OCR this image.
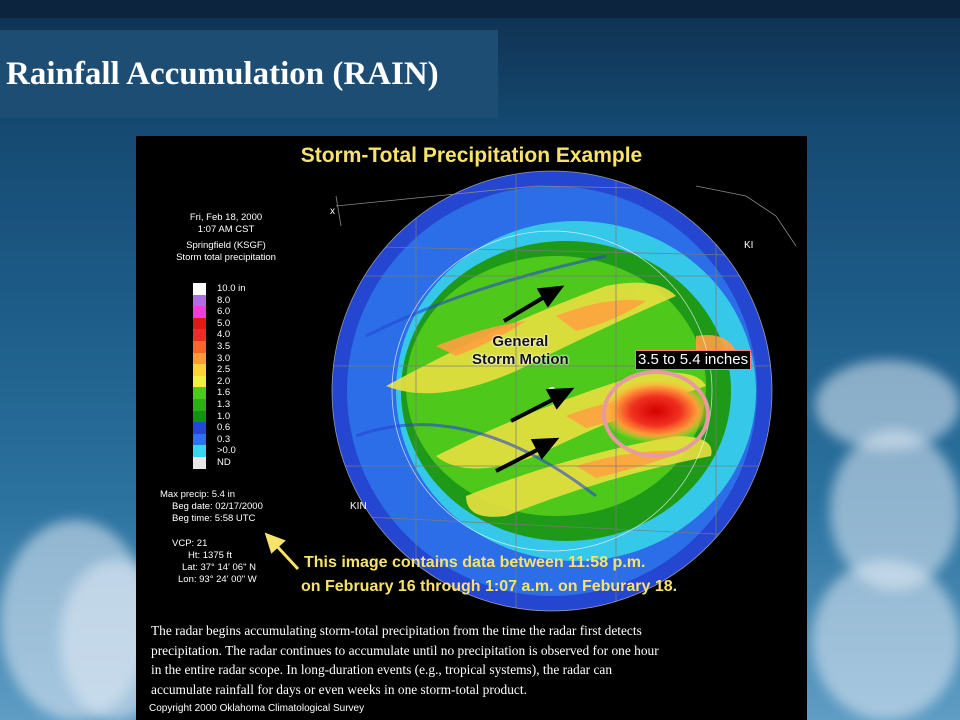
Rainfall Accumulation (RAIN)

Storm-Total Precipitation Example

Fri, Feb 18, 2000
1:07 AM CST
Springfield (KSGF)
Storm total precipitation
10.0 in
8.0
6.0
5.0
4.0
3.5
3.0
2.5
2.0
1.6
1.3
1.0
0.6
0.3
>0.0
ND
Max precip: 5.4 in
Beg date: 02/17/2000
Beg time: 5:58 UTC
VCP: 21
Ht: 1375 ft
Lat: 37° 14' 06" N
Lon: 93° 24' 00" W
x
KI
KIN
General
Storm Motion	3.5 to 5.4 inches
This image contains data between 11:58 p.m.
on February 16 through 1:07 a.m. on Feburary 18.

The radar begins accumulating storm-total precipitation from the time the radar first detects
precipitation. The radar continues to accumulate until no precipitation is observed for one hour
in the entire radar scope. In long-duration events (e.g., tropical systems), the radar can
accumulate rainfall for days or even weeks in one storm-total product.

Copyright 2000 Oklahoma Climatological Survey
